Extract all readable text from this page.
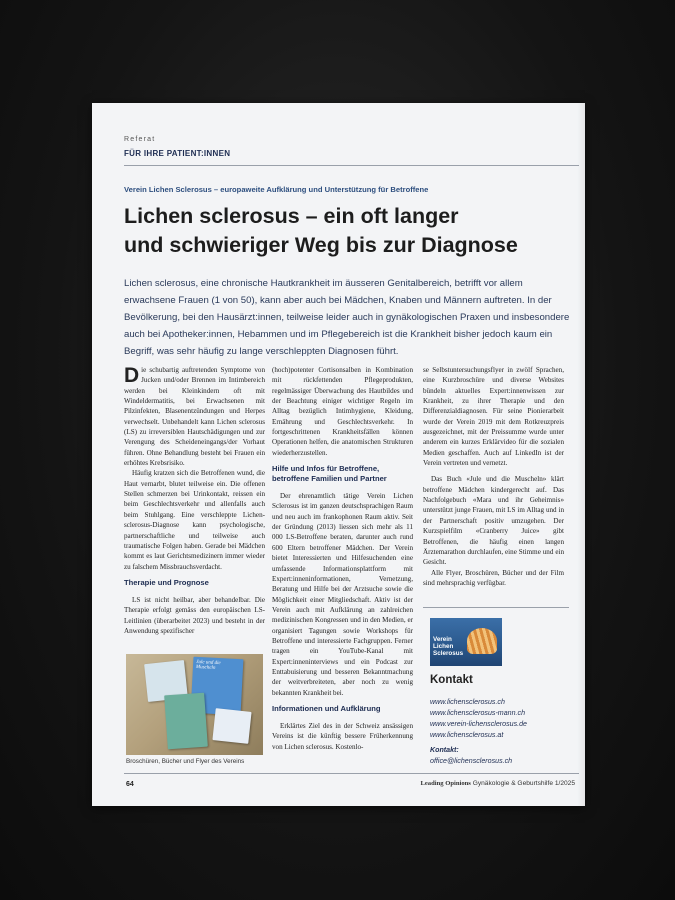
Referat
FÜR IHRE PATIENT:INNEN
Verein Lichen Sclerosus – europaweite Aufklärung und Unterstützung für Betroffene
Lichen sclerosus – ein oft langer
und schwieriger Weg bis zur Diagnose

Lichen sclerosus, eine chronische Hautkrankheit im äusseren Genitalbereich, betrifft vor allem erwachsene Frauen (1 von 50), kann aber auch bei Mädchen, Knaben und Männern auftreten. In der Bevölkerung, bei den Hausärzt:innen, teilweise leider auch in gynäkologischen Praxen und insbesondere auch bei Apotheker:innen, Hebammen und im Pflegebereich ist die Krankheit bisher jedoch kaum ein Begriff, was sehr häufig zu lange verschleppten Diagnosen führt.

Die schubartig auftretenden Symptome von Jucken und/oder Brennen im Intimbereich werden bei Kleinkindern oft mit Windeldermatitis, bei Erwachsenen mit Pilzinfekten, Blasenentzündungen und Herpes verwechselt. Unbehandelt kann Lichen sclerosus (LS) zu irreversiblen Hautschädigungen und zur Verengung des Scheideneingangs/der Vorhaut führen. Ohne Behandlung besteht bei Frauen ein erhöhtes Krebsrisiko.

Häufig kratzen sich die Betroffenen wund, die Haut vernarbt, blutet teilweise ein. Die offenen Stellen schmerzen bei Urinkontakt, reissen ein beim Geschlechtsverkehr und allenfalls auch beim Stuhlgang. Eine verschleppte Lichen-sclerosus-Diagnose kann psychologische, partnerschaftliche und teilweise auch traumatische Folgen haben. Gerade bei Mädchen kommt es laut Gerichtsmedizinern immer wieder zu falschem Missbrauchsverdacht.

Therapie und Prognose

LS ist nicht heilbar, aber behandelbar. Die Therapie erfolgt gemäss den europäischen LS-Leitlinien (überarbeitet 2023) und besteht in der Anwendung spezifischer

(hoch)potenter Cortisonsalben in Kombination mit rückfettenden Pflegeprodukten, regelmässiger Überwachung des Hautbildes und der Beachtung einiger wichtiger Regeln im Alltag bezüglich Intimhygiene, Kleidung, Ernährung und Geschlechtsverkehr. In fortgeschrittenen Krankheitsfällen können Operationen helfen, die anatomischen Strukturen wiederherzustellen.

Hilfe und Infos für Betroffene, betroffene Familien und Partner

Der ehrenamtlich tätige Verein Lichen Sclerosus ist im ganzen deutschsprachigen Raum und neu auch im frankophonen Raum aktiv. Seit der Gründung (2013) liessen sich mehr als 11 000 LS-Betroffene beraten, darunter auch rund 600 Eltern betroffener Mädchen. Der Verein bietet Interessierten und Hilfesuchenden eine umfassende Informationsplattform mit Expert:inneninformationen, Vernetzung, Beratung und Hilfe bei der Arztsuche sowie die Möglichkeit einer Mitgliedschaft. Aktiv ist der Verein auch mit Aufklärung an zahlreichen medizinischen Kongressen und in den Medien, er organisiert Tagungen sowie Workshops für Betroffene und interessierte Fachgruppen. Ferner tragen ein YouTube-Kanal mit Expert:inneninterviews und ein Podcast zur Enttabuisierung und besseren Bekanntmachung der weitverbreiteten, aber noch zu wenig bekannten Krankheit bei.

Informationen und Aufklärung

Erklärtes Ziel des in der Schweiz ansässigen Vereins ist die künftig bessere Früherkennung von Lichen sclerosus. Kostenlo-

se Selbstuntersuchungsflyer in zwölf Sprachen, eine Kurzbroschüre und diverse Websites bündeln aktuelles Expert:innenwissen zur Krankheit, zu ihrer Therapie und den Differenzialdiagnosen. Für seine Pionierarbeit wurde der Verein 2019 mit dem Rotkreuzpreis ausgezeichnet, mit der Preissumme wurde unter anderem ein kurzes Erklärvideo für die sozialen Medien geschaffen. Auch auf LinkedIn ist der Verein vertreten und vernetzt.

Das Buch «Jule und die Muscheln» klärt betroffene Mädchen kindergerecht auf. Das Nachfolgebuch «Mara und ihr Geheimnis» unterstützt junge Frauen, mit LS im Alltag und in der Partnerschaft positiv umzugehen. Der Kurzspielfilm «Cranberry Juice» gibt Betroffenen, die häufig einen langen Ärztemarathon durchlaufen, eine Stimme und ein Gesicht.

Alle Flyer, Broschüren, Bücher und der Film sind mehrsprachig verfügbar.

Jule und die Muscheln
Broschüren, Bücher und Flyer des Vereins
Verein
Lichen
Sclerosus
Kontakt
www.lichensclerosus.ch
www.lichensclerosus-mann.ch
www.verein-lichensclerosus.de
www.lichensclerosus.at
Kontakt:
office@lichensclerosus.ch
64	Leading Opinions Gynäkologie & Geburtshilfe 1/2025
